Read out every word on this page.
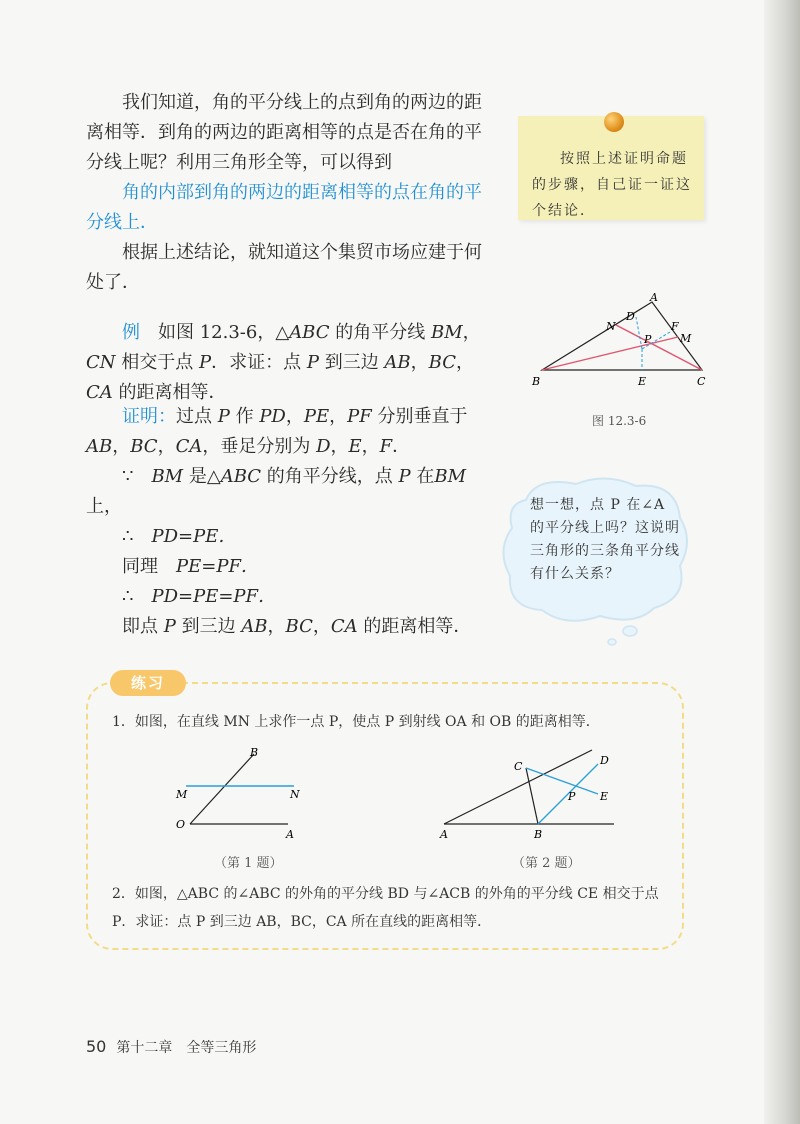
我们知道，角的平分线上的点到角的两边的距离相等．到角的两边的距离相等的点是否在角的平分线上呢？利用三角形全等，可以得到

角的内部到角的两边的距离相等的点在角的平分线上．

根据上述结论，就知道这个集贸市场应建于何处了．

例　 如图 12.3-6，△ABC 的角平分线 BM，CN 相交于点 P．求证：点 P 到三边 AB，BC，CA 的距离相等．

证明：过点 P 作 PD，PE，PF 分别垂直于AB，BC，CA，垂足分别为 D，E，F．

∵　 BM 是△ABC 的角平分线，点 P 在BM 上，

∴　 PD=PE．

同理　 PE=PF．

∴　 PD=PE=PF．

即点 P 到三边 AB，BC，CA 的距离相等．

按照上述证明命题的步骤，自己证一证这个结论．

A
B	C
D
E
F
M
N
P
图 12.3-6

想一想，点 P 在∠A 的平分线上吗？这说明三角形的三条角平分线有什么关系？

练习

1．如图，在直线 MN 上求作一点 P，使点 P 到射线 OA 和 OB 的距离相等．

B
M	N
O
A
（第 1 题）
C	D
P E
A	B
（第 2 题）

2．如图，△ABC 的∠ABC 的外角的平分线 BD 与∠ACB 的外角的平分线 CE 相交于点 P．求证：点 P 到三边 AB，BC，CA 所在直线的距离相等．

50 第十二章　全等三角形
